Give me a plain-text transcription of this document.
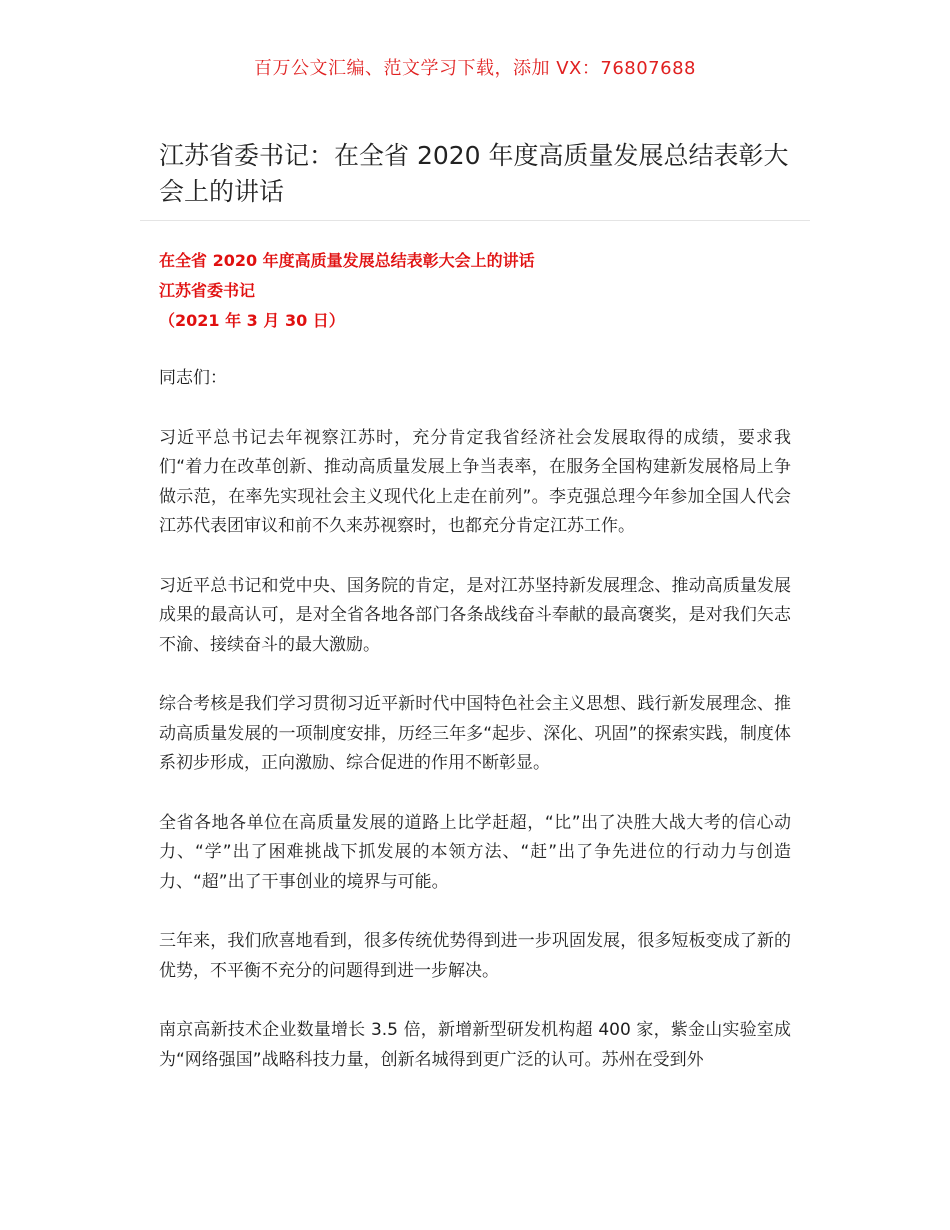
百万公文汇编、范文学习下载，添加 VX：76807688
江苏省委书记：在全省 2020 年度高质量发展总结表彰大会上的讲话
在全省 2020 年度高质量发展总结表彰大会上的讲话
江苏省委书记
（2021 年 3 月 30 日）

同志们：

习近平总书记去年视察江苏时，充分肯定我省经济社会发展取得的成绩，要求我们“着力在改革创新、推动高质量发展上争当表率，在服务全国构建新发展格局上争做示范，在率先实现社会主义现代化上走在前列”。李克强总理今年参加全国人代会江苏代表团审议和前不久来苏视察时，也都充分肯定江苏工作。

习近平总书记和党中央、国务院的肯定，是对江苏坚持新发展理念、推动高质量发展成果的最高认可，是对全省各地各部门各条战线奋斗奉献的最高褒奖，是对我们矢志不渝、接续奋斗的最大激励。

综合考核是我们学习贯彻习近平新时代中国特色社会主义思想、践行新发展理念、推动高质量发展的一项制度安排，历经三年多“起步、深化、巩固”的探索实践，制度体系初步形成，正向激励、综合促进的作用不断彰显。

全省各地各单位在高质量发展的道路上比学赶超，“比”出了决胜大战大考的信心动力、“学”出了困难挑战下抓发展的本领方法、“赶”出了争先进位的行动力与创造力、“超”出了干事创业的境界与可能。

三年来，我们欣喜地看到，很多传统优势得到进一步巩固发展，很多短板变成了新的优势，不平衡不充分的问题得到进一步解决。

南京高新技术企业数量增长 3.5 倍，新增新型研发机构超 400 家，紫金山实验室成为“网络强国”战略科技力量，创新名城得到更广泛的认可。苏州在受到外
